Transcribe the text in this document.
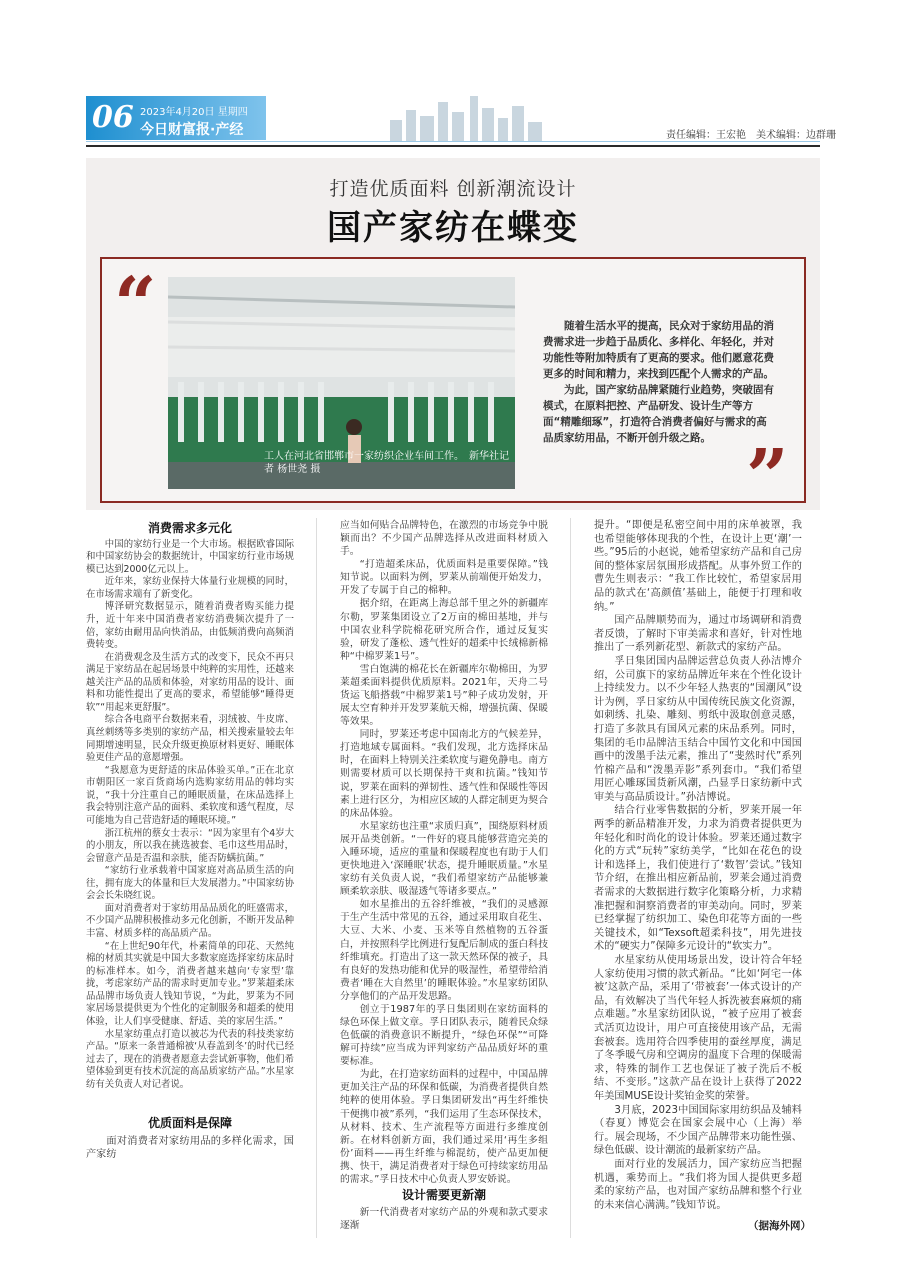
06 2023年4月20日 星期四
今日财富报·产经	责任编辑：王宏艳　美术编辑：边群珊
打造优质面料 创新潮流设计
国产家纺在蝶变
“
”
工人在河北省邯郸市一家纺织企业车间工作。　新华社记者 杨世尧 摄

随着生活水平的提高，民众对于家纺用品的消费需求进一步趋于品质化、多样化、年轻化，并对功能性等附加特质有了更高的要求。他们愿意花费更多的时间和精力，来找到匹配个人需求的产品。

为此，国产家纺品牌紧随行业趋势，突破固有模式，在原料把控、产品研发、设计生产等方面“精雕细琢”，打造符合消费者偏好与需求的高品质家纺用品，不断开创升级之路。

消费需求多元化

中国的家纺行业是一个大市场。根据欧睿国际和中国家纺协会的数据统计，中国家纺行业市场规模已达到2000亿元以上。

近年来，家纺业保持大体量行业规模的同时，在市场需求端有了新变化。

博泽研究数据显示，随着消费者购买能力提升，近十年来中国消费者家纺消费频次提升了一倍，家纺由耐用品向快消品，由低频消费向高频消费转变。

在消费观念及生活方式的改变下，民众不再只满足于家纺品在起居场景中纯粹的实用性，还越来越关注产品的品质和体验，对家纺用品的设计、面料和功能性提出了更高的要求，希望能够“睡得更软”“用起来更舒服”。

综合各电商平台数据来看，羽绒被、牛皮席、真丝刺绣等多类别的家纺产品，相关搜索量较去年同期增速明显，民众升级更换原材料更好、睡眠体验更佳产品的意愿增强。

“我愿意为更舒适的床品体验买单。”正在北京市朝阳区一家百货商场内选购家纺用品的韩均实说，“我十分注重自己的睡眠质量，在床品选择上我会特别注意产品的面料、柔软度和透气程度，尽可能地为自己营造舒适的睡眠环境。”

浙江杭州的蔡女士表示：“因为家里有个4岁大的小朋友，所以我在挑选被套、毛巾这些用品时，会留意产品是否温和亲肤，能否防螨抗菌。”

“家纺行业承载着中国家庭对高品质生活的向往，拥有庞大的体量和巨大发展潜力。”中国家纺协会会长朱晓红说。

面对消费者对于家纺用品品质化的旺盛需求，不少国产品牌积极推动多元化创新，不断开发品种丰富、材质多样的高品质产品。

“在上世纪90年代，朴素简单的印花、天然纯棉的材质其实就是中国大多数家庭选择家纺床品时的标准样本。如今，消费者越来越向‘专家型’靠拢，考虑家纺产品的需求时更加专业。”罗莱超柔床品品牌市场负责人钱知节说，“为此，罗莱为不同家居场景提供更为个性化的定制服务和超柔的使用体验，让人们享受健康、舒适、美的家居生活。”

水星家纺重点打造以被芯为代表的科技类家纺产品。“原来一条普通棉被‘从春盖到冬’的时代已经过去了，现在的消费者愿意去尝试新事物，他们希望体验到更有技术沉淀的高品质家纺产品。”水星家纺有关负责人对记者说。

优质面料是保障

面对消费者对家纺用品的多样化需求，国产家纺

应当如何贴合品牌特色，在激烈的市场竞争中脱颖而出？不少国产品牌选择从改进面料材质入手。

“打造超柔床品，优质面料是重要保障。”钱知节说。以面料为例，罗莱从前端便开始发力，开发了专属于自己的棉种。

据介绍，在距离上海总部千里之外的新疆库尔勒，罗莱集团设立了2万亩的棉田基地，并与中国农业科学院棉花研究所合作，通过反复实验，研发了蓬松、透气性好的超柔中长绒棉新棉种“中棉罗莱1号”。

雪白饱满的棉花长在新疆库尔勒棉田，为罗莱超柔面料提供优质原料。2021年，天舟二号货运飞船搭载“中棉罗莱1号”种子成功发射，开展太空育种并开发罗莱航天棉，增强抗菌、保暖等效果。

同时，罗莱还考虑中国南北方的气候差异，打造地域专属面料。“我们发现，北方选择床品时，在面料上特别关注柔软度与避免静电。南方则需要材质可以长期保持干爽和抗菌。”钱知节说，罗莱在面料的弹韧性、透气性和保暖性等因素上进行区分，为相应区域的人群定制更为契合的床品体验。

水星家纺也注重“求质归真”，围绕原料材质展开品类创新。“一件好的寝具能够营造完美的入睡环境，适应的重量和保暖程度也有助于人们更快地进入‘深睡眠’状态，提升睡眠质量。”水星家纺有关负责人说，“我们希望家纺产品能够兼顾柔软亲肤、吸湿透气等诸多要点。”

如水星推出的五谷纤维被，“我们的灵感源于生产生活中常见的五谷，通过采用取自花生、大豆、大米、小麦、玉米等自然植物的五谷蛋白，并按照科学比例进行复配后制成的蛋白科技纤维填充。打造出了这一款天然环保的被子，具有良好的发热功能和优异的吸湿性，希望带给消费者‘睡在大自然里’的睡眠体验。”水星家纺团队分享他们的产品开发思路。

创立于1987年的孚日集团则在家纺面料的绿色环保上做文章。孚日团队表示，随着民众绿色低碳的消费意识不断提升，“绿色环保”“可降解可持续”应当成为评判家纺产品品质好坏的重要标准。

为此，在打造家纺面料的过程中，中国品牌更加关注产品的环保和低碳，为消费者提供自然纯粹的使用体验。孚日集团研发出“再生纤维快干便携巾被”系列，“我们运用了生态环保技术，从材料、技术、生产流程等方面进行多维度创新。在材料创新方面，我们通过采用‘再生多组份’面料——再生纤维与棉混纺，使产品更加便携、快干，满足消费者对于绿色可持续家纺用品的需求。”孚日技术中心负责人罗安娇说。

设计需要更新潮

新一代消费者对家纺产品的外观和款式要求逐渐

提升。“即便是私密空间中用的床单被罩，我也希望能够体现我的个性，在设计上更‘潮’一些。”95后的小赵说，她希望家纺产品和自己房间的整体家居氛围形成搭配。从事外贸工作的曹先生则表示：“我工作比较忙，希望家居用品的款式在‘高颜值’基础上，能便于打理和收纳。”

国产品牌顺势而为，通过市场调研和消费者反馈，了解时下审美需求和喜好，针对性地推出了一系列新花型、新款式的家纺产品。

孚日集团国内品牌运营总负责人孙洁博介绍，公司旗下的家纺品牌近年来在个性化设计上持续发力。以不少年轻人热衷的“国潮风”设计为例，孚日家纺从中国传统民族文化资源，如刺绣、扎染、雕刻、剪纸中汲取创意灵感，打造了多款具有国风元素的床品系列。同时，集团的毛巾品牌洁玉结合中国竹文化和中国国画中的泼墨手法元素，推出了“斐然时代”系列竹棉产品和“泼墨弄影”系列套巾。“我们希望用匠心雕琢国货新风潮，凸显孚日家纺新中式审美与高品质设计。”孙洁博说。

结合行业零售数据的分析，罗莱开展一年两季的新品精准开发，力求为消费者提供更为年轻化和时尚化的设计体验。罗莱还通过数字化的方式“玩转”家纺美学，“比如在花色的设计和选择上，我们使进行了‘数智’尝试。”钱知节介绍，在推出相应新品前，罗莱会通过消费者需求的大数据进行数字化策略分析，力求精准把握和洞察消费者的审美动向。同时，罗莱已经掌握了纺织加工、染色印花等方面的一些关键技术，如“Texsoft超柔科技”，用先进技术的“硬实力”保障多元设计的“软实力”。

水星家纺从使用场景出发，设计符合年轻人家纺使用习惯的款式新品。“比如‘阿宅一体被’这款产品，采用了‘带被套’一体式设计的产品，有效解决了当代年轻人拆洗被套麻烦的痛点难题。”水星家纺团队说，“被子应用了被套式活页边设计，用户可直接使用该产品，无需套被套。选用符合四季使用的蚕丝厚度，满足了冬季暖气房和空调房的温度下合理的保暖需求，特殊的制作工艺也保证了被子洗后不板结、不变形。”这款产品在设计上获得了2022年美国MUSE设计奖铂金奖的荣誉。

3月底，2023中国国际家用纺织品及辅料（春夏）博览会在国家会展中心（上海）举行。展会现场，不少国产品牌带来功能性强、绿色低碳、设计潮流的最新家纺产品。

面对行业的发展活力，国产家纺应当把握机遇，乘势而上。“我们将为国人提供更多超柔的家纺产品，也对国产家纺品牌和整个行业的未来信心满满。”钱知节说。

（据海外网）
